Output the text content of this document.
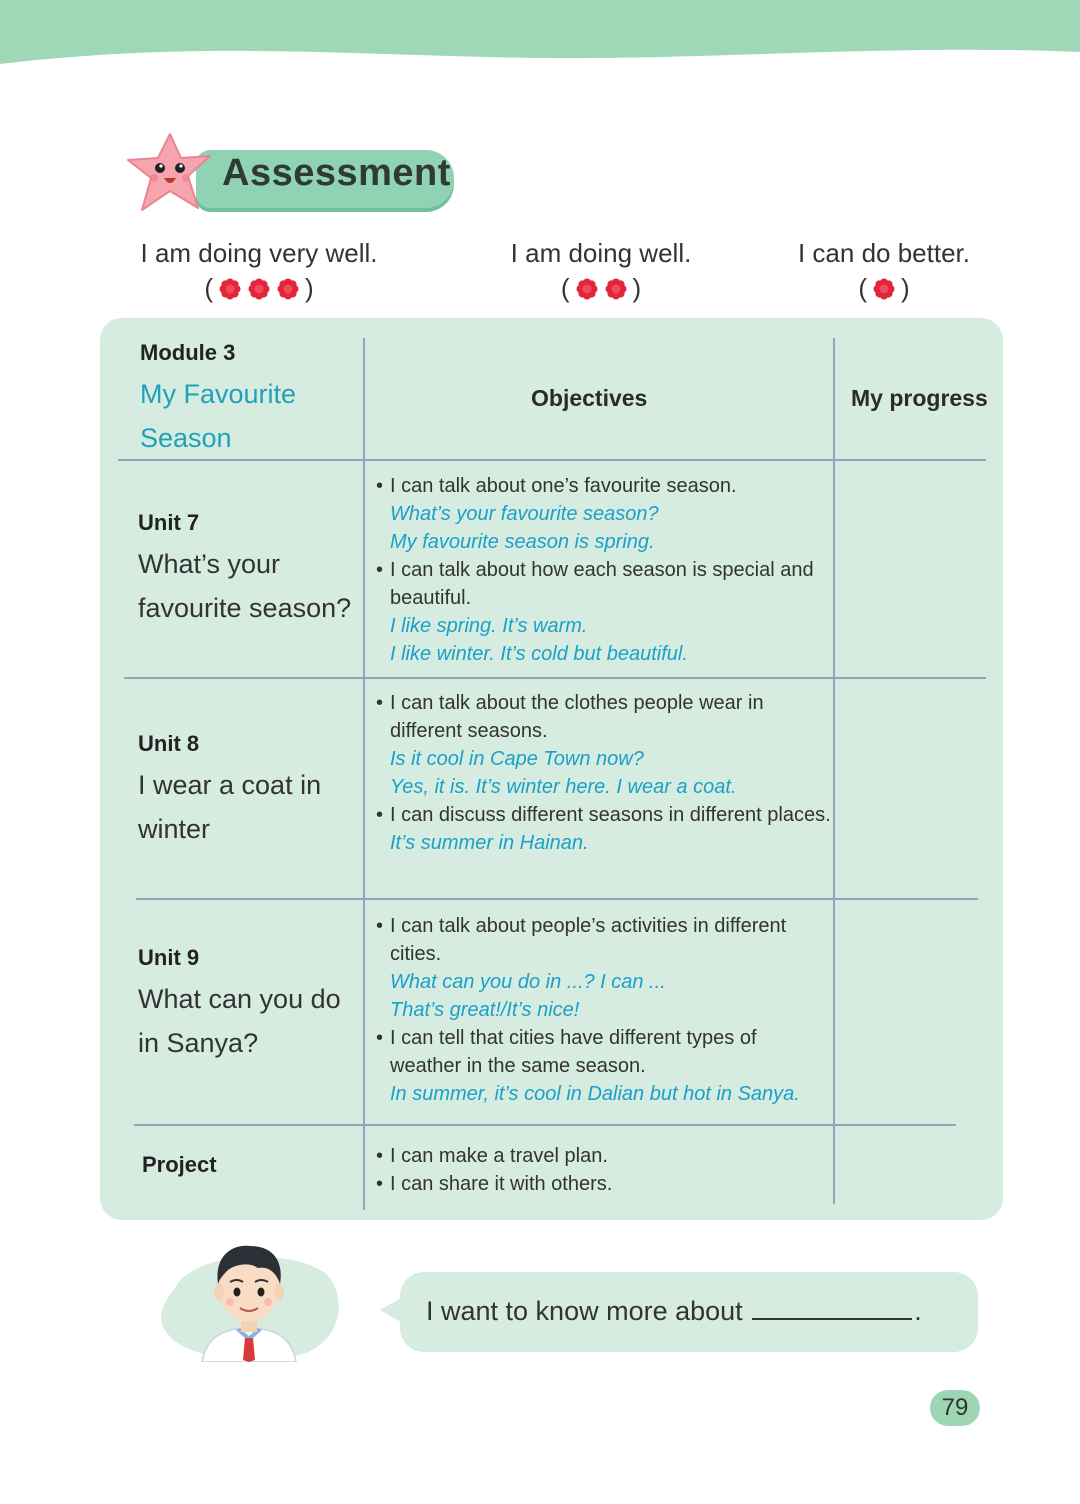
Assessment
I am doing very well.
(	)
I am doing well.
( )
I can do better.
( )
Module 3
My Favourite Season
Objectives	My progress
Unit 7
What’s your favourite season?
• I can talk about one’s favourite season.
What’s your favourite season?
My favourite season is spring.
• I can talk about how each season is special and beautiful.
I like spring. It’s warm.
I like winter. It’s cold but beautiful.
Unit 8
I wear a coat in winter
• I can talk about the clothes people wear in different seasons.
Is it cool in Cape Town now?
Yes, it is. It’s winter here. I wear a coat.
• I can discuss different seasons in different places.
It’s summer in Hainan.
Unit 9
What can you do in Sanya?
• I can talk about people’s activities in different cities.
What can you do in ...? I can ...
That’s great!/It’s nice!
• I can tell that cities have different types of weather in the same season.
In summer, it’s cool in Dalian but hot in Sanya.
Project
•	I can make a travel plan.
• I can share it with others.
I want to know more about	.
79
